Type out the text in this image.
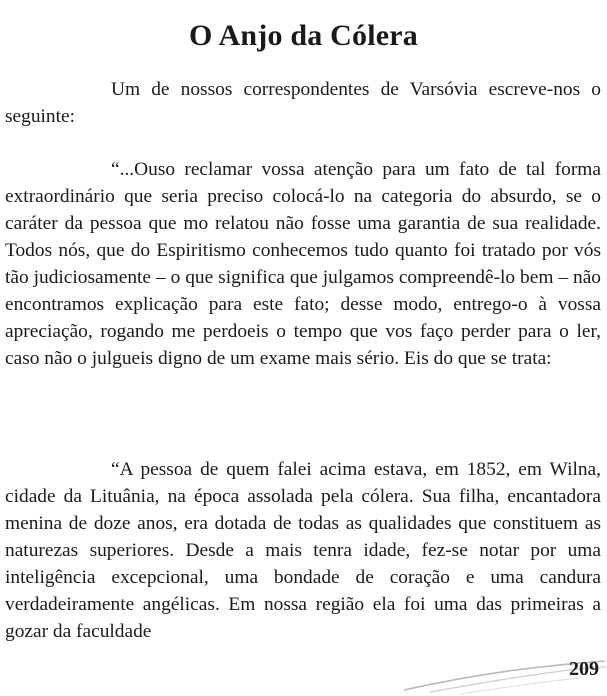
O Anjo da Cólera

Um de nossos correspondentes de Varsóvia escreve-nos o seguinte:

“...Ouso reclamar vossa atenção para um fato de tal forma extraordinário que seria preciso colocá-lo na categoria do absurdo, se o caráter da pessoa que mo relatou não fosse uma garantia de sua realidade. Todos nós, que do Espiritismo conhecemos tudo quanto foi tratado por vós tão judiciosamente – o que significa que julgamos compreendê-lo bem – não encontramos explicação para este fato; desse modo, entrego-o à vossa apreciação, rogando me perdoeis o tempo que vos faço perder para o ler, caso não o julgueis digno de um exame mais sério. Eis do que se trata:

“A pessoa de quem falei acima estava, em 1852, em Wilna, cidade da Lituânia, na época assolada pela cólera. Sua filha, encantadora menina de doze anos, era dotada de todas as qualidades que constituem as naturezas superiores. Desde a mais tenra idade, fez-se notar por uma inteligência excepcional, uma bondade de coração e uma candura verdadeiramente angélicas. Em nossa região ela foi uma das primeiras a gozar da faculdade

209
